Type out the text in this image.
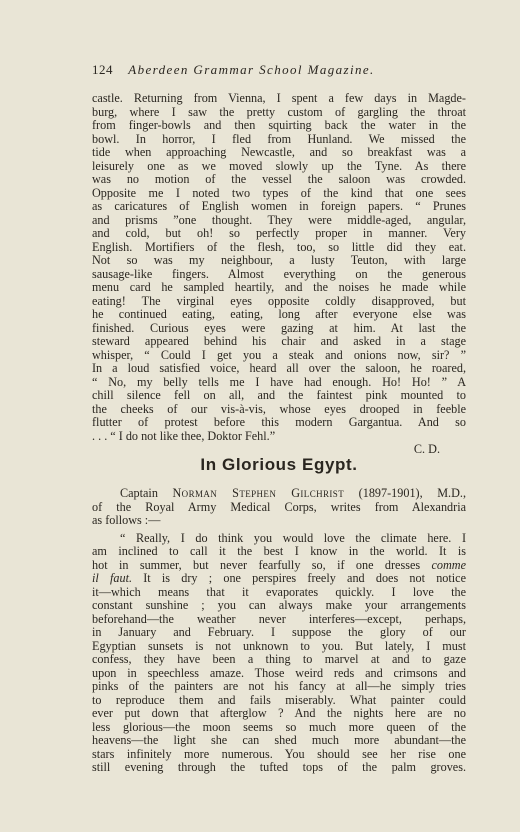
124 Aberdeen Grammar School Magazine.
castle. Returning from Vienna, I spent a few days in Magde-
burg, where I saw the pretty custom of gargling the throat
from finger-bowls and then squirting back the water in the
bowl. In horror, I fled from Hunland. We missed the
tide when approaching Newcastle, and so breakfast was a
leisurely one as we moved slowly up the Tyne. As there
was no motion of the vessel the saloon was crowded.
Opposite me I noted two types of the kind that one sees
as caricatures of English women in foreign papers. “ Prunes
and prisms ”one thought. They were middle-aged, angular,
and cold, but oh! so perfectly proper in manner. Very
English. Mortifiers of the flesh, too, so little did they eat.
Not so was my neighbour, a lusty Teuton, with large
sausage-like fingers. Almost everything on the generous
menu card he sampled heartily, and the noises he made while
eating! The virginal eyes opposite coldly disapproved, but
he continued eating, eating, long after everyone else was
finished. Curious eyes were gazing at him. At last the
steward appeared behind his chair and asked in a stage
whisper, “ Could I get you a steak and onions now, sir? ”
In a loud satisfied voice, heard all over the saloon, he roared,
“ No, my belly tells me I have had enough. Ho! Ho! ” A
chill silence fell on all, and the faintest pink mounted to
the cheeks of our vis-à-vis, whose eyes drooped in feeble
flutter of protest before this modern Gargantua. And so
. . . “ I do not like thee, Doktor Fehl.”
C. D.
In Glorious Egypt.
Captain Norman Stephen Gilchrist (1897-1901), M.D.,
of the Royal Army Medical Corps, writes from Alexandria
as follows :—
“ Really, I do think you would love the climate here. I
am inclined to call it the best I know in the world. It is
hot in summer, but never fearfully so, if one dresses comme
il faut. It is dry ; one perspires freely and does not notice
it—which means that it evaporates quickly. I love the
constant sunshine ; you can always make your arrangements
beforehand—the weather never interferes—except, perhaps,
in January and February. I suppose the glory of our
Egyptian sunsets is not unknown to you. But lately, I must
confess, they have been a thing to marvel at and to gaze
upon in speechless amaze. Those weird reds and crimsons and
pinks of the painters are not his fancy at all—he simply tries
to reproduce them and fails miserably. What painter could
ever put down that afterglow ? And the nights here are no
less glorious—the moon seems so much more queen of the
heavens—the light she can shed much more abundant—the
stars infinitely more numerous. You should see her rise one
still evening through the tufted tops of the palm groves.
